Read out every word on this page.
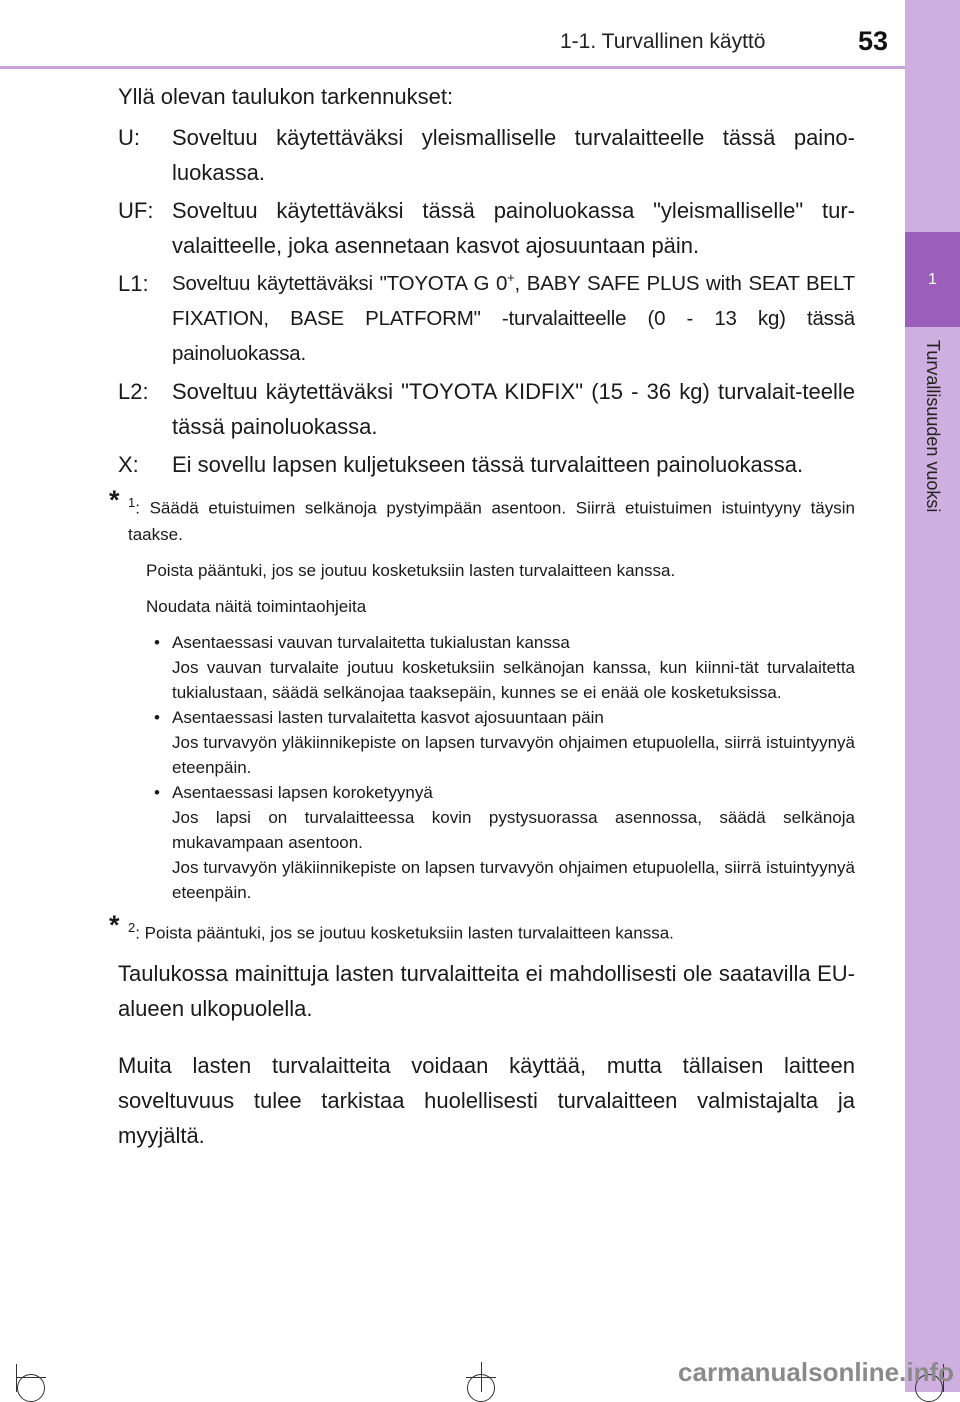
1-1. Turvallinen käyttö	53
1
Turvallisuuden vuoksi

Yllä olevan taulukon tarkennukset:

U:	Soveltuu käytettäväksi yleismalliselle turvalaitteelle tässä paino-luokassa.
UF: Soveltuu käytettäväksi tässä painoluokassa "yleismalliselle" tur-valaitteelle, joka asennetaan kasvot ajosuuntaan päin.
L1:	Soveltuu käytettäväksi "TOYOTA G 0+, BABY SAFE PLUS with SEAT BELT FIXATION, BASE PLATFORM" -turvalaitteelle (0 - 13 kg) tässä painoluokassa.
L2:	Soveltuu käytettäväksi "TOYOTA KIDFIX" (15 - 36 kg) turvalait-teelle tässä painoluokassa.
X:	Ei sovellu lapsen kuljetukseen tässä turvalaitteen painoluokassa.
* $^1$: Säädä etuistuimen selkänoja pystyimpään asentoon. Siirrä etuistuimen istuintyyny täysin taakse.
Poista pääntuki, jos se joutuu kosketuksiin lasten turvalaitteen kanssa.
Noudata näitä toimintaohjeita
• Asentaessasi vauvan turvalaitetta tukialustan kanssa
Jos vauvan turvalaite joutuu kosketuksiin selkänojan kanssa, kun kiinni-tät turvalaitetta tukialustaan, säädä selkänojaa taaksepäin, kunnes se ei enää ole kosketuksissa.
• Asentaessasi lasten turvalaitetta kasvot ajosuuntaan päin
Jos turvavyön yläkiinnikepiste on lapsen turvavyön ohjaimen etupuolella, siirrä istuintyynyä eteenpäin.
• Asentaessasi lapsen koroketyynyä
Jos lapsi on turvalaitteessa kovin pystysuorassa asennossa, säädä selkänoja mukavampaan asentoon.
Jos turvavyön yläkiinnikepiste on lapsen turvavyön ohjaimen etupuolella, siirrä istuintyynyä eteenpäin.
* $^2$: Poista pääntuki, jos se joutuu kosketuksiin lasten turvalaitteen kanssa.

Taulukossa mainittuja lasten turvalaitteita ei mahdollisesti ole saatavilla EU-alueen ulkopuolella.

Muita lasten turvalaitteita voidaan käyttää, mutta tällaisen laitteen soveltuvuus tulee tarkistaa huolellisesti turvalaitteen valmistajalta ja myyjältä.

carmanualsonline.info
